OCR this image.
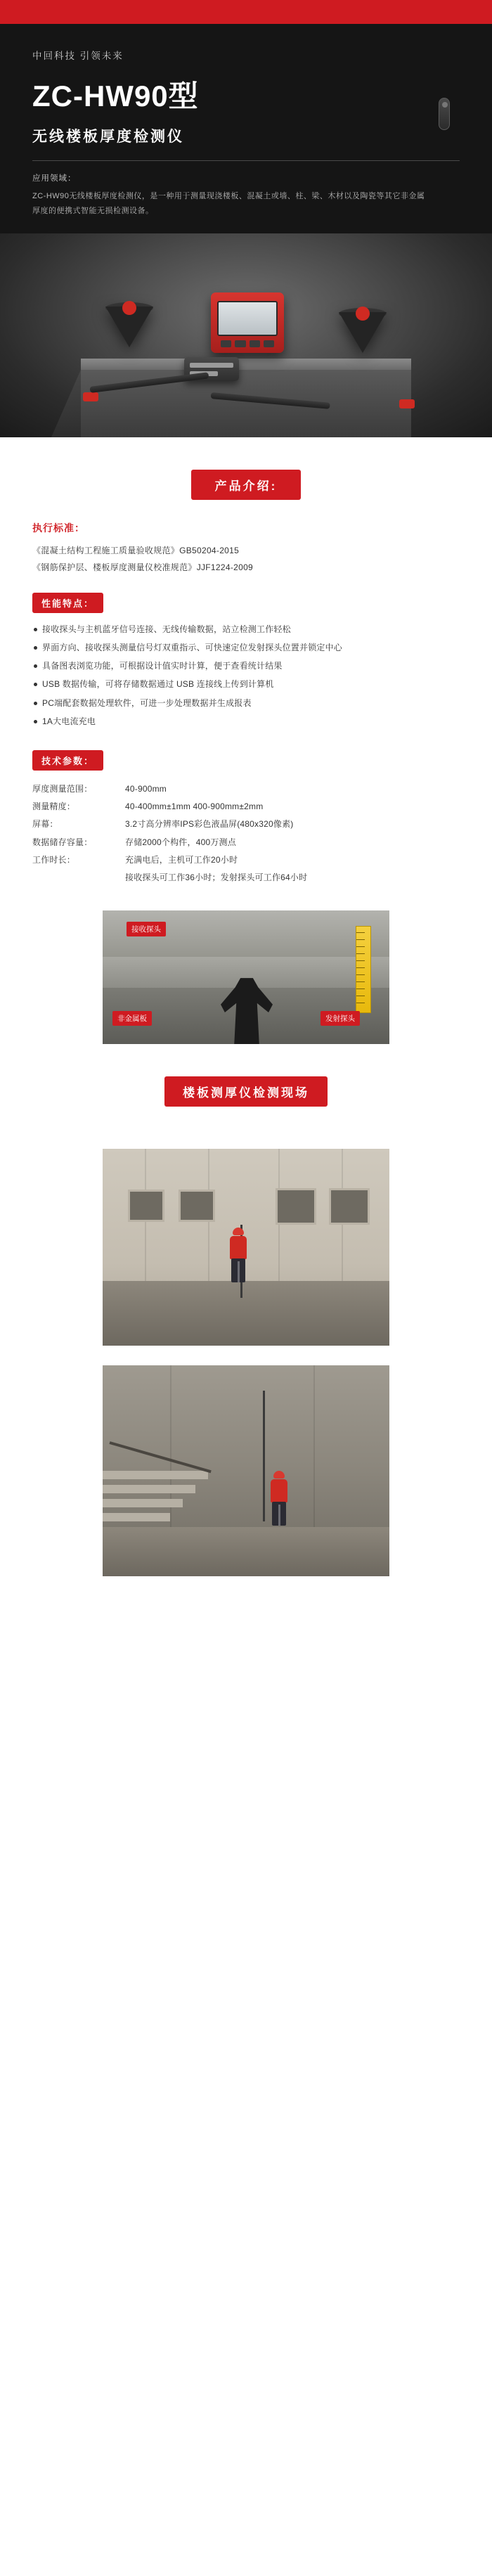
中回科技 引领未来
ZC-HW90型
无线楼板厚度检测仪
应用领域：
ZC-HW90无线楼板厚度检测仪，是一种用于测量现浇楼板、混凝土或墙、柱、梁、木材以及陶瓷等其它非金属厚度的便携式智能无损检测设备。
产品介绍:
执行标准：
《混凝土结构工程施工质量验收规范》GB50204-2015
《钢筋保护层、楼板厚度测量仪校准规范》JJF1224-2009
性能特点：
接收探头与主机蓝牙信号连接、无线传输数据，站立检测工作轻松
界面方向、接收探头测量信号灯双重指示、可快速定位发射探头位置并锁定中心
具备图表浏览功能，可根据设计值实时计算，便于查看统计结果
USB 数据传输，可将存储数据通过 USB 连接线上传到计算机
PC端配套数据处理软件，可进一步处理数据并生成报表
1A大电流充电
技术参数：
厚度测量范围：	40-900mm

测量精度：	40-400mm±1mm 400-900mm±2mm

屏幕：	3.2寸高分辨率IPS彩色液晶屏(480x320像素)

数据储存容量：	存储2000个构件，400万测点

工作时长：	充满电后，主机可工作20小时
接收探头可工作36小时；发射探头可工作64小时
接收探头
非金属板	发射探头
楼板测厚仪检测现场
